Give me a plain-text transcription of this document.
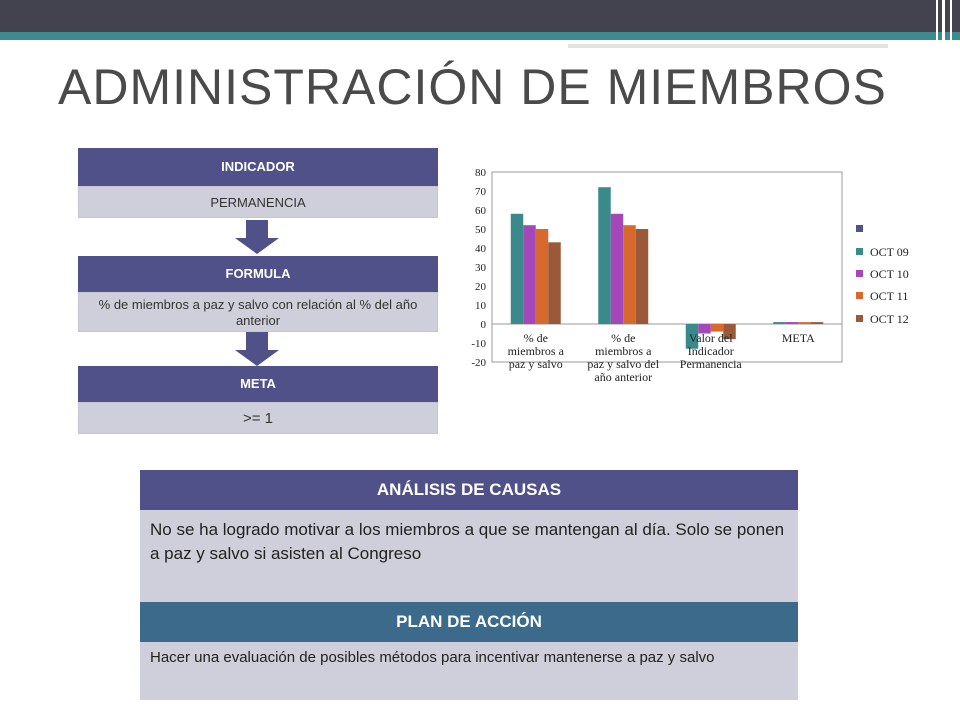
ADMINISTRACIÓN DE MIEMBROS
INDICADOR
PERMANENCIA
FORMULA
% de miembros a paz y salvo con relación al % del año anterior
META
>= 1
80
70
60
50
40
30
20
10
0
-10
-20
% de
miembros a
paz y salvo
% de
miembros a
paz y salvo del
año anterior
Valor del
Indicador
Permanencia
META
OCT 09
OCT 10
OCT 11
OCT 12
ANÁLISIS DE CAUSAS
No se ha logrado motivar a los miembros a que se mantengan al día. Solo se ponen a paz y salvo si asisten al Congreso
PLAN DE ACCIÓN
Hacer una evaluación de posibles métodos para incentivar mantenerse a paz y salvo
